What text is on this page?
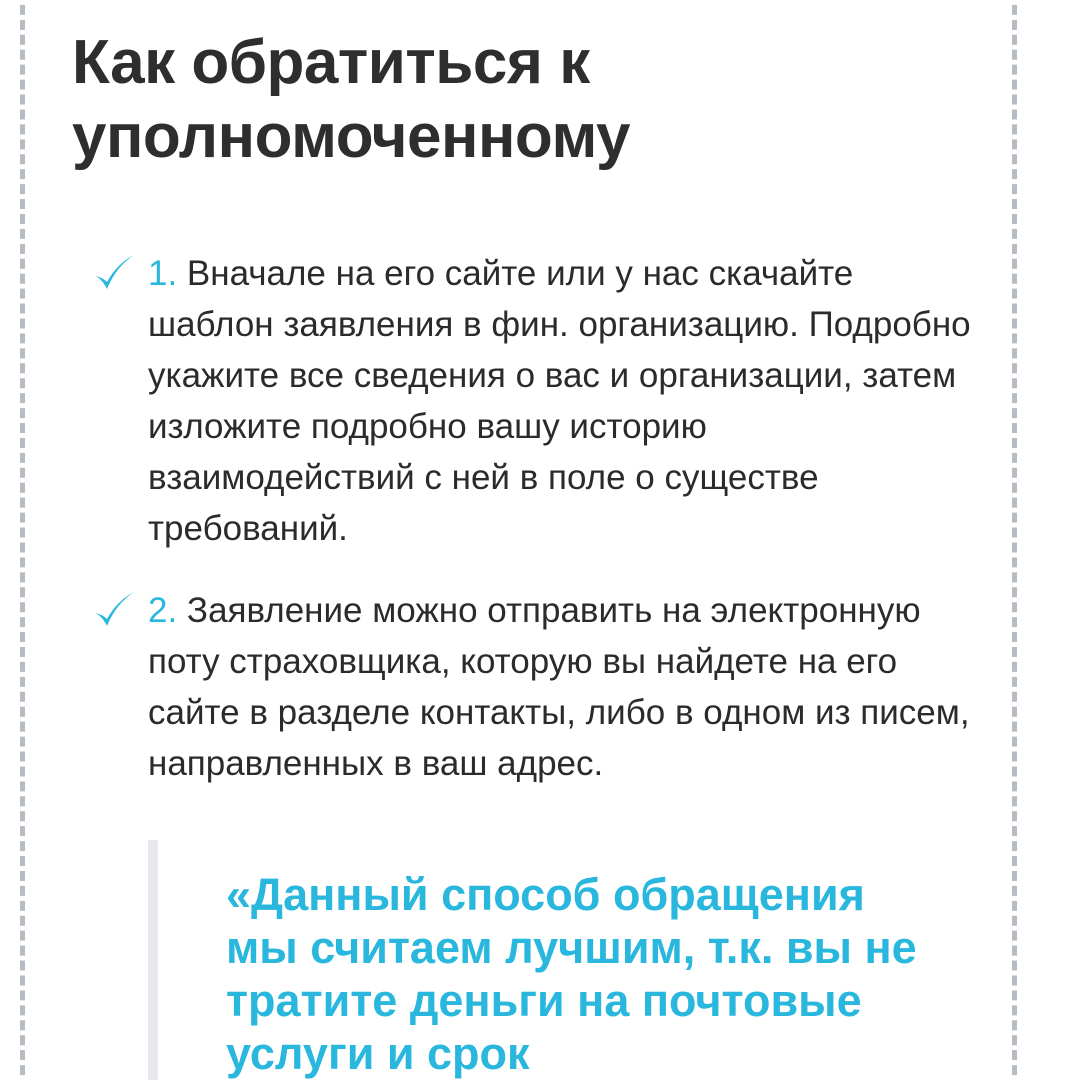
Как обратиться к уполномоченному

1. Вначале на его сайте или у нас скачайте шаблон заявления в фин. организацию. Подробно укажите все сведения о вас и организации, затем изложите подробно вашу историю взаимодействий с ней в поле о существе требований.

2. Заявление можно отправить на электронную поту страховщика, которую вы найдете на его сайте в разделе контакты, либо в одном из писем, направленных в ваш адрес.

«Данный способ обращения мы считаем лучшим, т.к. вы не тратите деньги на почтовые услуги и срок
